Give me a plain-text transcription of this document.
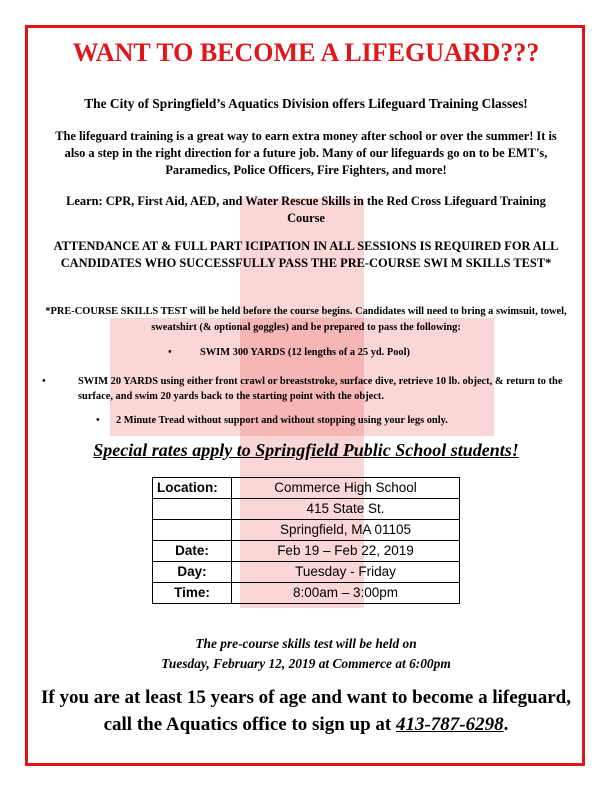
WANT TO BECOME A LIFEGUARD???
The City of Springfield’s Aquatics Division offers Lifeguard Training Classes!
The lifeguard training is a great way to earn extra money after school or over the summer! It is also a step in the right direction for a future job. Many of our lifeguards go on to be EMT's, Paramedics, Police Officers, Fire Fighters, and more!
Learn: CPR, First Aid, AED, and Water Rescue Skills in the Red Cross Lifeguard Training Course
ATTENDANCE AT & FULL PART ICIPATION IN ALL SESSIONS IS REQUIRED FOR ALL CANDIDATES WHO SUCCESSFULLY PASS THE PRE-COURSE SWI M SKILLS TEST*
*PRE-COURSE SKILLS TEST will be held before the course begins. Candidates will need to bring a swimsuit, towel, sweatshirt (& optional goggles) and be prepared to pass the following:
•	SWIM 300 YARDS (12 lengths of a 25 yd. Pool)
•	SWIM 20 YARDS using either front crawl or breaststroke, surface dive, retrieve 10 lb. object, & return to the surface, and swim 20 yards back to the starting point with the object.
• 2 Minute Tread without support and without stopping using your legs only.
Special rates apply to Springfield Public School students!
Location:	Commerce High School
	415 State St.
	Springfield, MA 01105
Date:	Feb 19 – Feb 22, 2019
Day:	Tuesday - Friday
Time:	8:00am – 3:00pm
The pre-course skills test will be held on
Tuesday, February 12, 2019 at Commerce at 6:00pm
If you are at least 15 years of age and want to become a lifeguard, call the Aquatics office to sign up at 413-787-6298.
